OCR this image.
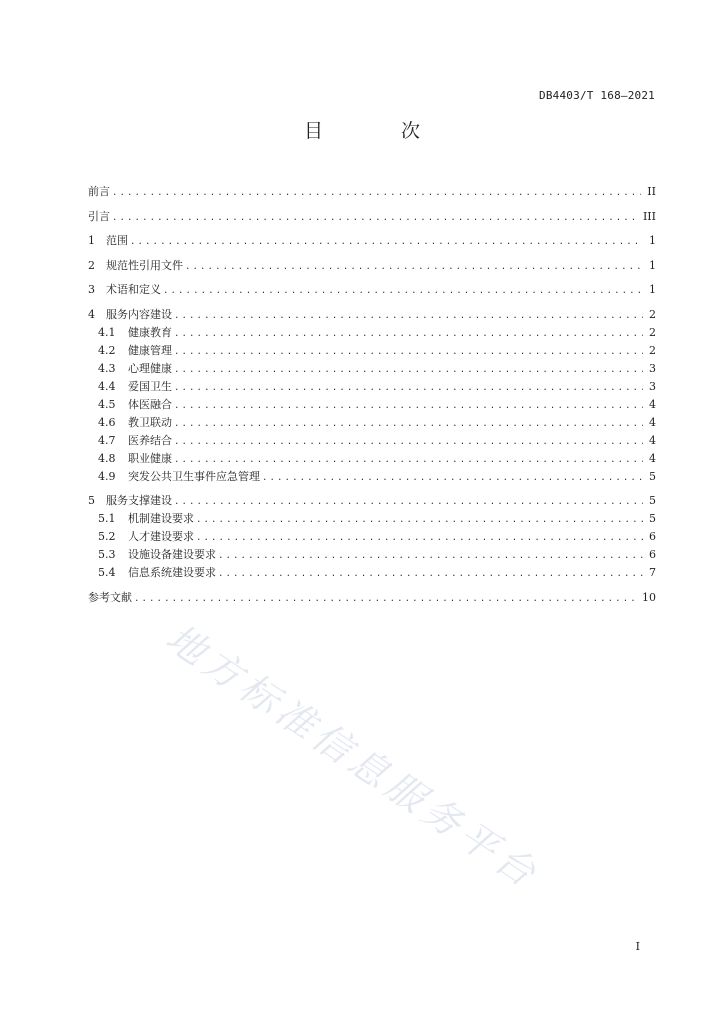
DB4403/T 168—2021
目 次
前言 .....	II
引言 .....	III
1 范围 .....	1
2 规范性引用文件 .....	1
3 术语和定义 .....	1
4 服务内容建设 .....	2
4.1 健康教育 .....	2
4.2 健康管理 .....	2
4.3 心理健康 .....	3
4.4 爱国卫生 .....	3
4.5 体医融合 .....	4
4.6 教卫联动 .....	4
4.7 医养结合 .....	4
4.8 职业健康 .....	4
4.9 突发公共卫生事件应急管理 .....	5
5 服务支撑建设 .....	5
5.1 机制建设要求 .....	5
5.2 人才建设要求 .....	6
5.3 设施设备建设要求 .....	6
5.4 信息系统建设要求 .....	7
参考文献 .....	10
地方标准信息服务平台
I
